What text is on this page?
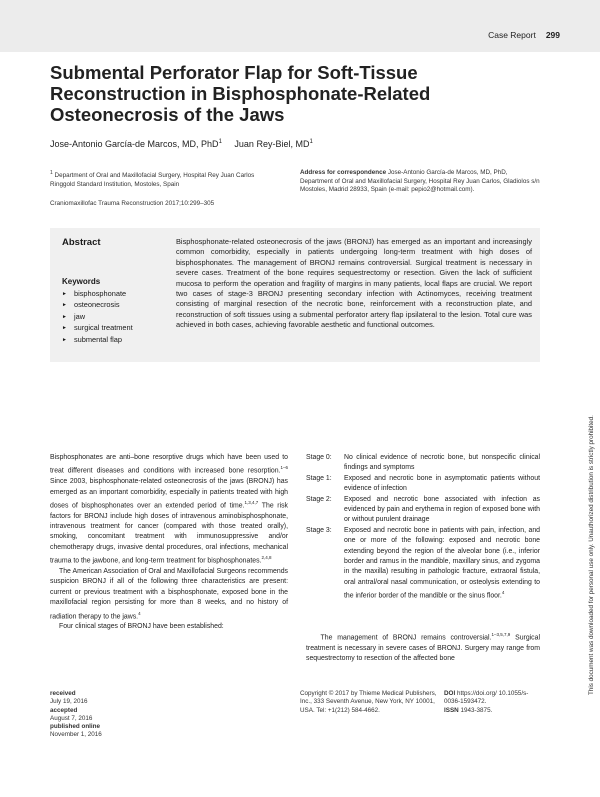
Case Report 299
Submental Perforator Flap for Soft-Tissue Reconstruction in Bisphosphonate-Related Osteonecrosis of the Jaws
Jose-Antonio García-de Marcos, MD, PhD$^1$ Juan Rey-Biel, $MD^1$
$^1$ Department of Oral and Maxillofacial Surgery, Hospital Rey Juan Carlos Ringgold Standard Institution, Mostoles, Spain
Craniomaxillofac Trauma Reconstruction 2017;10:299–305
Address for correspondence Jose-Antonio García-de Marcos, MD, PhD, Department of Oral and Maxillofacial Surgery, Hospital Rey Juan Carlos, Gladiolos s/n Mostoles, Madrid 28933, Spain (e-mail: pepio2@hotmail.com).
Abstract	Bisphosphonate-related osteonecrosis of the jaws (BRONJ) has emerged as an important and increasingly common comorbidity, especially in patients undergoing long-term treatment with high doses of bisphosphonates. The management of BRONJ remains controversial. Surgical treatment is necessary in severe cases. Treatment of the bone requires sequestrectomy or resection. Given the lack of sufficient mucosa to perform the operation and fragility of margins in many patients, local flaps are crucial. We report two cases of stage-3 BRONJ presenting secondary infection with Actinomyces, receiving treatment consisting of marginal resection of the necrotic bone, reinforcement with a reconstruction plate, and reconstruction of soft tissues using a submental perforator artery flap ipsilateral to the lesion. Total cure was achieved in both cases, achieving favorable aesthetic and functional outcomes.
Keywords
► bisphosphonate
► osteonecrosis
► jaw
► surgical treatment
► submental flap

Bisphosphonates are anti–bone resorptive drugs which have been used to treat different diseases and conditions with increased bone resorption.$^{1-6}$ Since 2003, bisphosphonate-related osteonecrosis of the jaws (BRONJ) has emerged as an important comorbidity, especially in patients treated with high doses of bisphosphonates over an extended period of time.$^{1,3,4,7}$ The risk factors for BRONJ include high doses of intravenous aminobisphosphonate, intravenous treatment for cancer (compared with those treated orally), smoking, concomitant treatment with immunosuppressive and/or chemotherapy drugs, invasive dental procedures, oral infections, mechanical trauma to the jawbone, and long-term treatment for bisphosphonates.$^{2,4,8}$

The American Association of Oral and Maxillofacial Surgeons recommends suspicion BRONJ if all of the following three characteristics are present: current or previous treatment with a bisphosphonate, exposed bone in the maxillofacial region persisting for more than 8 weeks, and no history of radiation therapy to the jaws.$^4$

Four clinical stages of BRONJ have been established:

Stage 0:	No clinical evidence of necrotic bone, but nonspecific clinical findings and symptoms
Stage 1:	Exposed and necrotic bone in asymptomatic patients without evidence of infection
Stage 2:	Exposed and necrotic bone associated with infection as evidenced by pain and erythema in region of exposed bone with or without purulent drainage
Stage 3:	Exposed and necrotic bone in patients with pain, infection, and one or more of the following: exposed and necrotic bone extending beyond the region of the alveolar bone (i.e., inferior border and ramus in the mandible, maxillary sinus, and zygoma in the maxilla) resulting in pathologic fracture, extraoral fistula, oral antral/oral nasal communication, or osteolysis extending to the inferior border of the mandible or the sinus floor.$^4$
The management of BRONJ remains controversial.$^{1-3,5,7,9}$ Surgical treatment is necessary in severe cases of BRONJ. Surgery may range from sequestrectomy to resection of the affected bone
received
July 19, 2016
accepted
August 7, 2016
published online
November 1, 2016
Copyright © 2017 by Thieme Medical Publishers, Inc., 333 Seventh Avenue, New York, NY 10001, USA. Tel: +1(212) 584-4662.
DOI https://doi.org/ 10.1055/s-0036-1593472.
ISSN 1943-3875.
This document was downloaded for personal use only. Unauthorized distribution is strictly prohibited.
